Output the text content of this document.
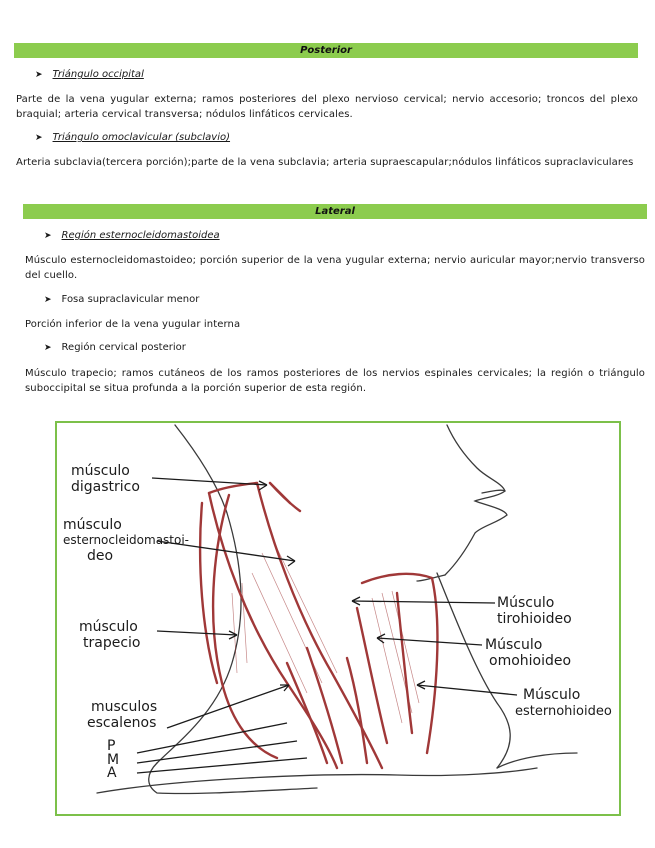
Posterior
➤ Triángulo occipital
Parte de la vena yugular externa; ramos posteriores del plexo nervioso cervical; nervio accesorio; troncos del plexo braquial; arteria cervical transversa; nódulos linfáticos cervicales.
➤ Triángulo omoclavicular (subclavio)
Arteria subclavia(tercera porción);parte de la vena subclavia; arteria supraescapular;nódulos linfáticos supraclaviculares
Lateral
➤ Región esternocleidomastoidea
Músculo esternocleidomastoideo; porción superior de la vena yugular externa; nervio auricular mayor;nervio transverso del cuello.
➤ Fosa supraclavicular menor
Porción inferior de la vena yugular interna
➤ Región cervical posterior
Músculo trapecio; ramos cutáneos de los ramos posteriores de los nervios espinales cervicales; la región o triángulo suboccipital se situa profunda a la porción superior de esta región.
músculo
digastrico
músculo
esternocleidomastoi-
deo
músculo
trapecio
musculos
escalenos
P
M
A
Músculo
tirohioideo
Músculo
omohioideo
Músculo
esternohioideo
